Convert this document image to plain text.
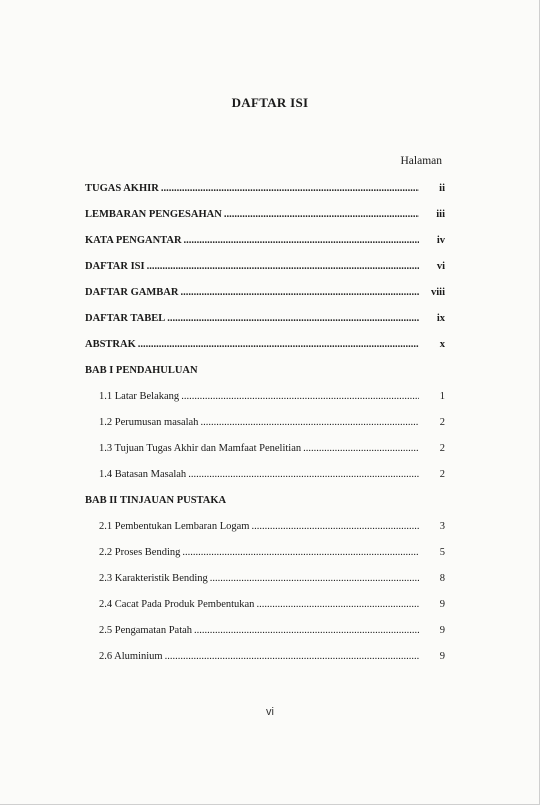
DAFTAR ISI
Halaman
TUGAS AKHIR .....	ii
LEMBARAN PENGESAHAN .....	iii
KATA PENGANTAR .....	iv
DAFTAR ISI .....	vi
DAFTAR GAMBAR .....	viii
DAFTAR TABEL .....	ix
ABSTRAK .....	x
BAB I PENDAHULUAN
1.1 Latar Belakang .....	1
1.2 Perumusan masalah .....	2
1.3 Tujuan Tugas Akhir dan Mamfaat Penelitian .....	2
1.4 Batasan Masalah .....	2
BAB II TINJAUAN PUSTAKA
2.1 Pembentukan Lembaran Logam .....	3
2.2 Proses Bending .....	5
2.3 Karakteristik Bending .....	8
2.4 Cacat Pada Produk Pembentukan .....	9
2.5 Pengamatan Patah .....	9
2.6 Aluminium .....	9
vi
